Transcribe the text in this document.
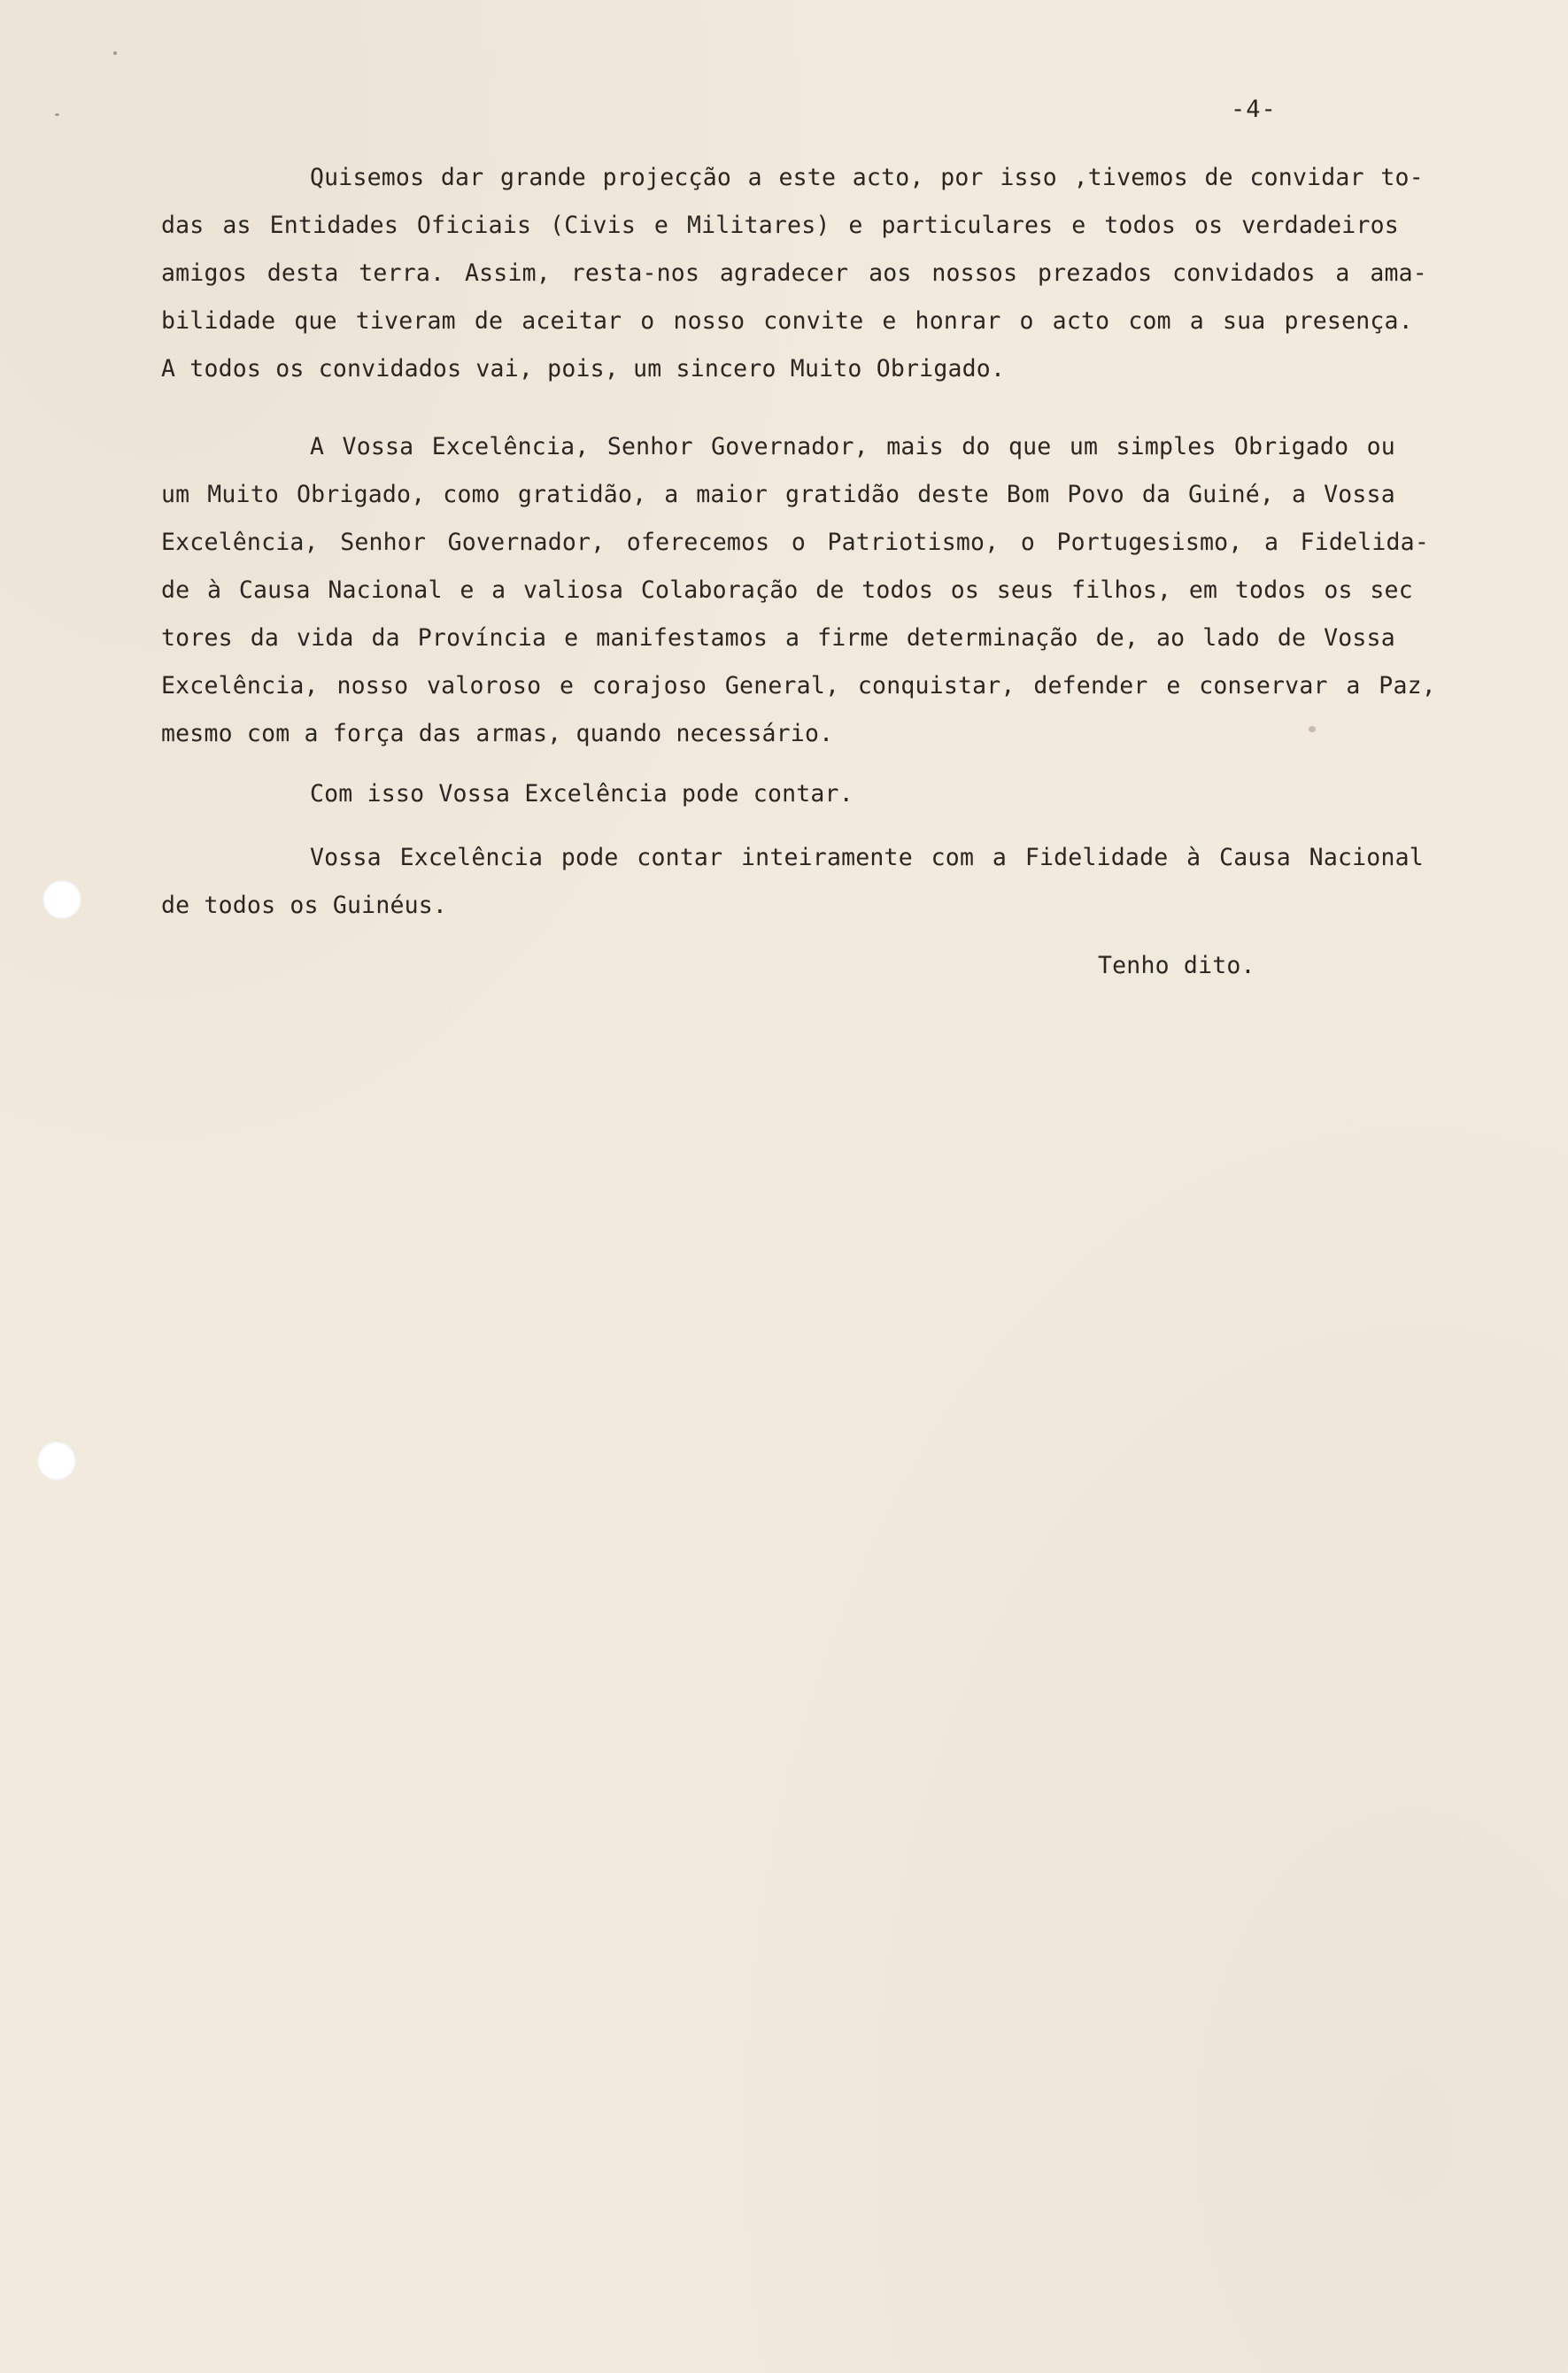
-4-
Quisemos dar grande projecção a este acto, por isso ,tivemos de convidar to-
das as Entidades Oficiais (Civis e Militares) e particulares e todos os verdadeiros
amigos desta terra. Assim, resta-nos agradecer aos nossos prezados convidados a ama-
bilidade que tiveram de aceitar o nosso convite e honrar o acto com a sua presença.
A todos os convidados vai, pois, um sincero Muito Obrigado.
A Vossa Excelência, Senhor Governador, mais do que um simples Obrigado ou
um Muito Obrigado, como gratidão, a maior gratidão deste Bom Povo da Guiné, a Vossa
Excelência, Senhor Governador, oferecemos o Patriotismo, o Portugesismo, a Fidelida-
de à Causa Nacional e a valiosa Colaboração de todos os seus filhos, em todos os sec
tores da vida da Província e manifestamos a firme determinação de, ao lado de Vossa
Excelência, nosso valoroso e corajoso General, conquistar, defender e conservar a Paz,
mesmo com a força das armas, quando necessário.
Com isso Vossa Excelência pode contar.
Vossa Excelência pode contar inteiramente com a Fidelidade à Causa Nacional
de todos os Guinéus.
Tenho dito.
